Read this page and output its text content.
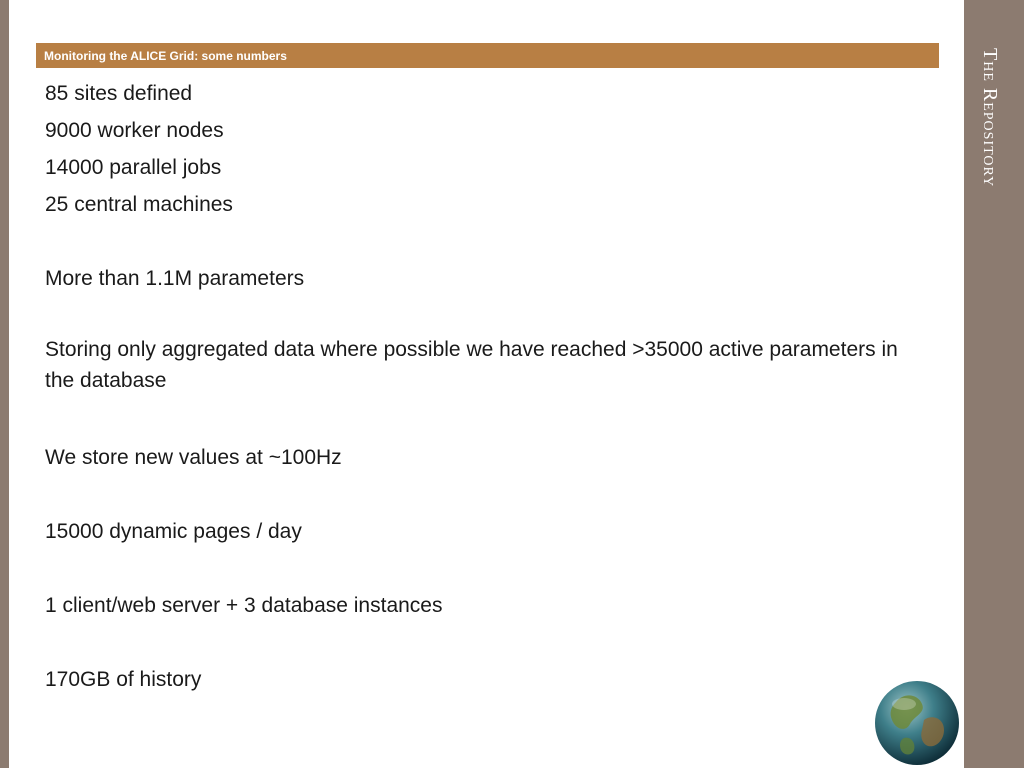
The Repository
Monitoring the ALICE Grid: some numbers

85 sites defined

9000 worker nodes

14000 parallel jobs

25 central machines

More than 1.1M parameters

Storing only aggregated data where possible we have reached >35000 active parameters in the database

We store new values at ~100Hz

15000 dynamic pages / day

1 client/web server + 3 database instances

170GB of history
